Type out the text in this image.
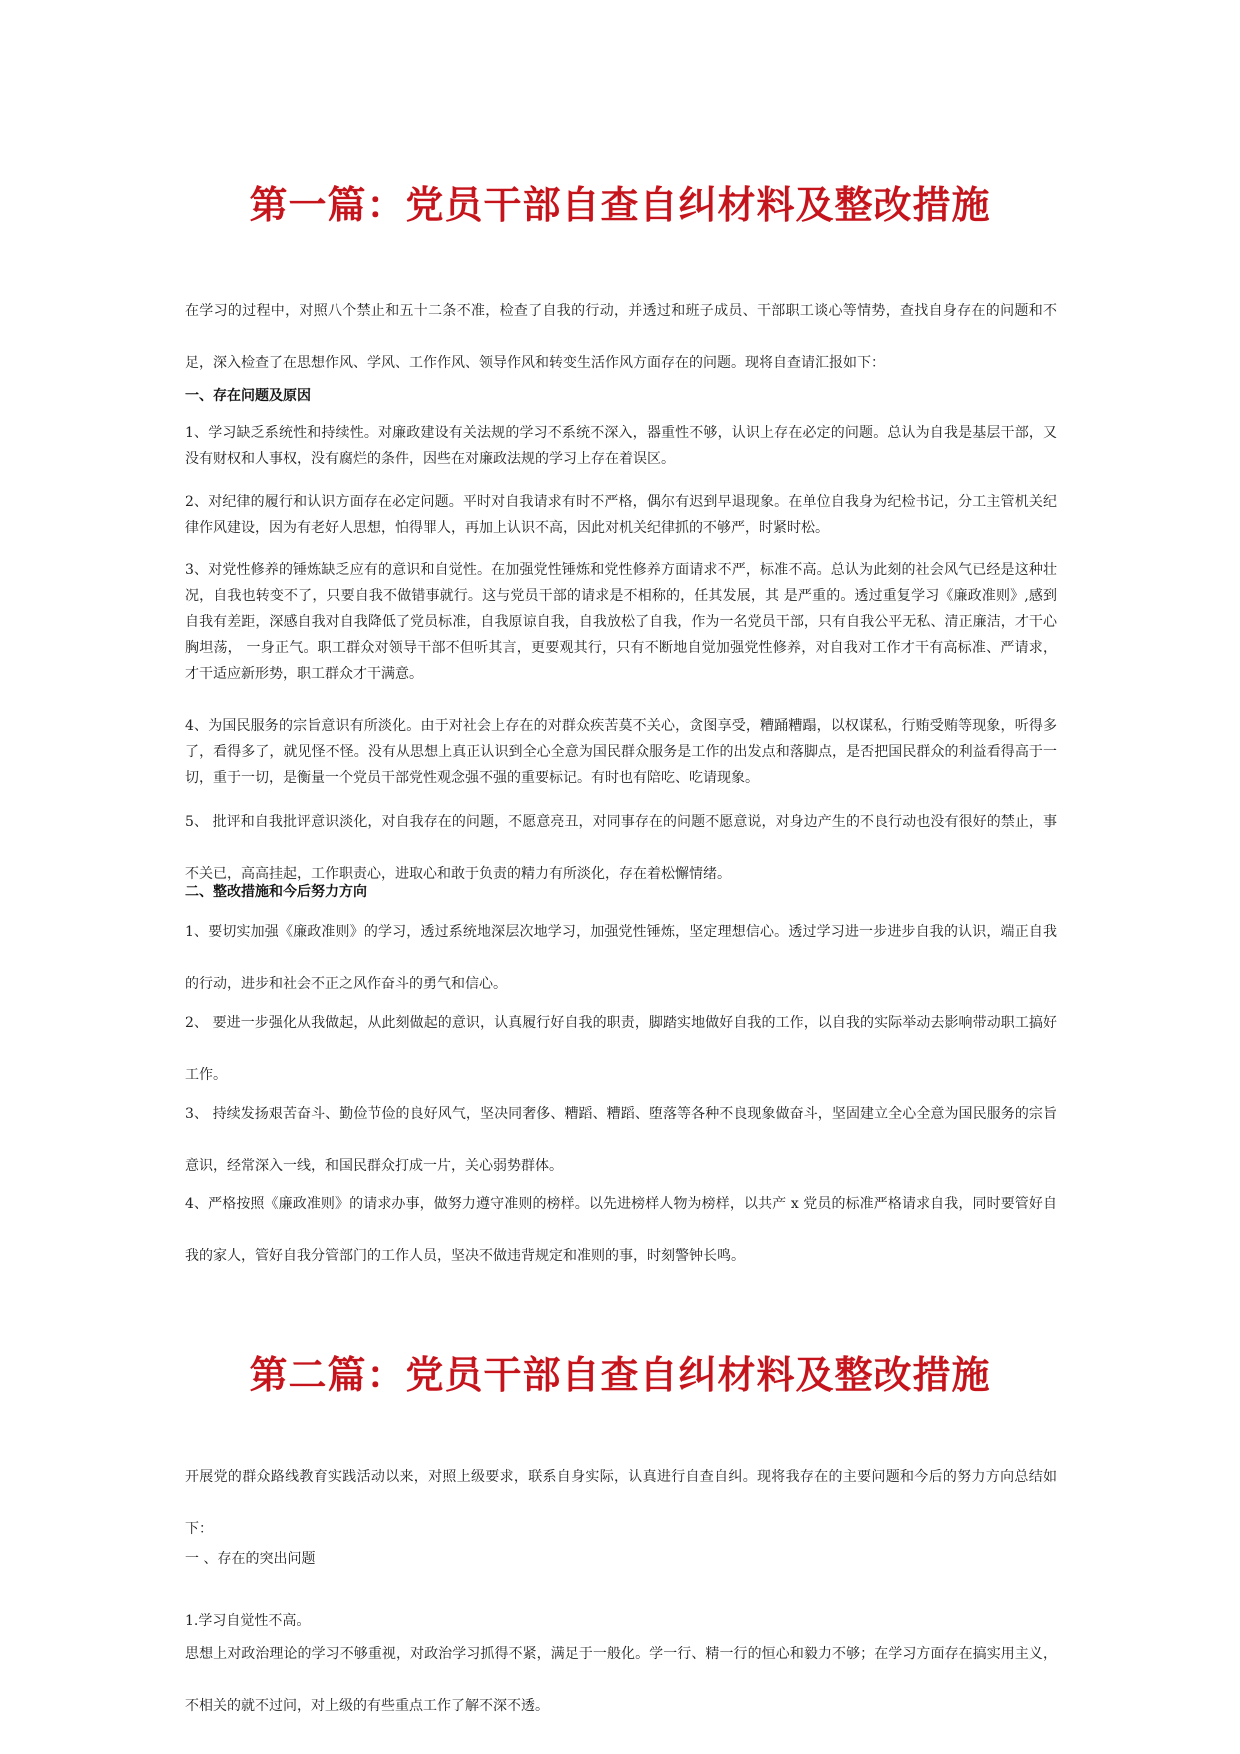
第一篇：党员干部自查自纠材料及整改措施

在学习的过程中，对照八个禁止和五十二条不准，检查了自我的行动，并透过和班子成员、干部职工谈心等情势，查找自身存在的问题和不足，深入检查了在思想作风、学风、工作作风、领导作风和转变生活作风方面存在的问题。现将自查请汇报如下：

一、存在问题及原因

1、学习缺乏系统性和持续性。对廉政建设有关法规的学习不系统不深入，器重性不够，认识上存在必定的问题。总认为自我是基层干部，又没有财权和人事权，没有腐烂的条件，因些在对廉政法规的学习上存在着误区。

2、对纪律的履行和认识方面存在必定问题。平时对自我请求有时不严格，偶尔有迟到早退现象。在单位自我身为纪检书记，分工主管机关纪律作风建设，因为有老好人思想，怕得罪人，再加上认识不高，因此对机关纪律抓的不够严，时紧时松。

3、对党性修养的锤炼缺乏应有的意识和自觉性。在加强党性锤炼和党性修养方面请求不严，标准不高。总认为此刻的社会风气已经是这种壮况，自我也转变不了，只要自我不做错事就行。这与党员干部的请求是不相称的，任其发展，其 是严重的。透过重复学习《廉政准则》,感到自我有差距，深感自我对自我降低了党员标准，自我原谅自我，自我放松了自我，作为一名党员干部，只有自我公平无私、清正廉洁，才干心胸坦荡， 一身正气。职工群众对领导干部不但听其言，更要观其行，只有不断地自觉加强党性修养，对自我对工作才干有高标准、严请求，才干适应新形势，职工群众才干满意。

4、为国民服务的宗旨意识有所淡化。由于对社会上存在的对群众疾苦莫不关心，贪图享受，糟踊糟蹋，以权谋私，行贿受贿等现象，听得多了，看得多了，就见怪不怪。没有从思想上真正认识到全心全意为国民群众服务是工作的出发点和落脚点，是否把国民群众的利益看得高于一切，重于一切，是衡量一个党员干部党性观念强不强的重要标记。有时也有陪吃、吃请现象。

5、 批评和自我批评意识淡化，对自我存在的问题，不愿意亮丑，对同事存在的问题不愿意说，对身边产生的不良行动也没有很好的禁止，事不关已，高高挂起，工作职责心，进取心和敢于负责的精力有所淡化，存在着松懈情绪。

二、整改措施和今后努力方向

1、要切实加强《廉政准则》的学习，透过系统地深层次地学习，加强党性锤炼，坚定理想信心。透过学习进一步进步自我的认识，端正自我的行动，进步和社会不正之风作奋斗的勇气和信心。

2、 要进一步强化从我做起，从此刻做起的意识，认真履行好自我的职责，脚踏实地做好自我的工作，以自我的实际举动去影响带动职工搞好工作。

3、 持续发扬艰苦奋斗、勤俭节俭的良好风气，坚决同奢侈、糟蹈、糟蹈、堕落等各种不良现象做奋斗，坚固建立全心全意为国民服务的宗旨意识，经常深入一线，和国民群众打成一片，关心弱势群体。

4、严格按照《廉政准则》的请求办事，做努力遵守准则的榜样。以先进榜样人物为榜样，以共产 x 党员的标准严格请求自我，同时要管好自我的家人，管好自我分管部门的工作人员，坚决不做违背规定和准则的事，时刻警钟长鸣。

第二篇：党员干部自查自纠材料及整改措施

开展党的群众路线教育实践活动以来，对照上级要求，联系自身实际，认真进行自查自纠。现将我存在的主要问题和今后的努力方向总结如下：

一 、存在的突出问题

1.学习自觉性不高。

思想上对政治理论的学习不够重视，对政治学习抓得不紧，满足于一般化。学一行、精一行的恒心和毅力不够；在学习方面存在搞实用主义，不相关的就不过问，对上级的有些重点工作了解不深不透。
